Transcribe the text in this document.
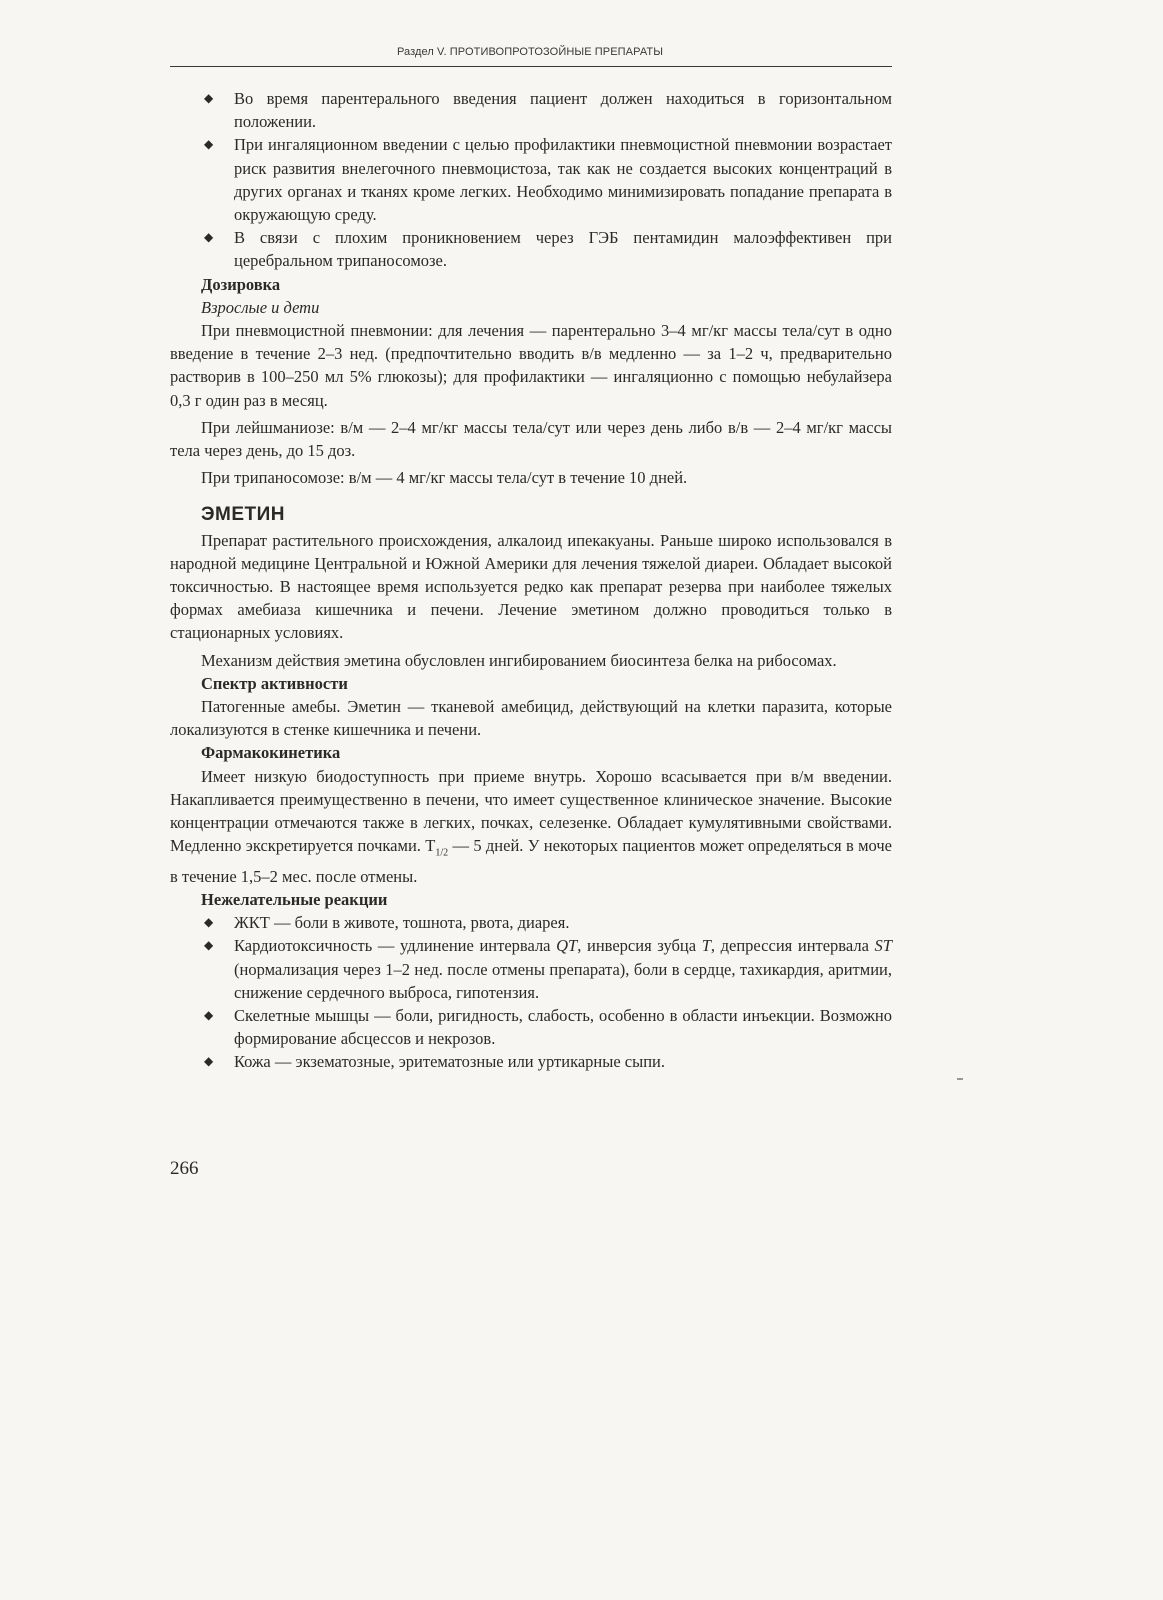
Раздел V. ПРОТИВОПРОТОЗОЙНЫЕ ПРЕПАРАТЫ
◆ Во время парентерального введения пациент должен находиться в горизонтальном положении.
◆ При ингаляционном введении с целью профилактики пневмоцистной пневмонии возрастает риск развития внелегочного пневмоцистоза, так как не создается высоких концентраций в других органах и тканях кроме легких. Необходимо минимизировать попадание препарата в окружающую среду.
◆ В связи с плохим проникновением через ГЭБ пентамидин малоэффективен при церебральном трипаносомозе.

Дозировка

Взрослые и дети

При пневмоцистной пневмонии: для лечения — парентерально 3–4 мг/кг массы тела/сут в одно введение в течение 2–3 нед. (предпочтительно вводить в/в медленно — за 1–2 ч, предварительно растворив в 100–250 мл 5% глюкозы); для профилактики — ингаляционно с помощью небулайзера 0,3 г один раз в месяц.

При лейшманиозе: в/м — 2–4 мг/кг массы тела/сут или через день либо в/в — 2–4 мг/кг массы тела через день, до 15 доз.

При трипаносомозе: в/м — 4 мг/кг массы тела/сут в течение 10 дней.

ЭМЕТИН

Препарат растительного происхождения, алкалоид ипекакуаны. Раньше широко использовался в народной медицине Центральной и Южной Америки для лечения тяжелой диареи. Обладает высокой токсичностью. В настоящее время используется редко как препарат резерва при наиболее тяжелых формах амебиаза кишечника и печени. Лечение эметином должно проводиться только в стационарных условиях.

Механизм действия эметина обусловлен ингибированием биосинтеза белка на рибосомах.

Спектр активности

Патогенные амебы. Эметин — тканевой амебицид, действующий на клетки паразита, которые локализуются в стенке кишечника и печени.

Фармакокинетика

Имеет низкую биодоступность при приеме внутрь. Хорошо всасывается при в/м введении. Накапливается преимущественно в печени, что имеет существенное клиническое значение. Высокие концентрации отмечаются также в легких, почках, селезенке. Обладает кумулятивными свойствами. Медленно экскретируется почками. $T_{1/2}$ — 5 дней. У некоторых пациентов может определяться в моче в течение 1,5–2 мес. после отмены.

Нежелательные реакции

◆ ЖКТ — боли в животе, тошнота, рвота, диарея.
◆ Кардиотоксичность — удлинение интервала QT, инверсия зубца T, депрессия интервала ST (нормализация через 1–2 нед. после отмены препарата), боли в сердце, тахикардия, аритмии, снижение сердечного выброса, гипотензия.
◆ Скелетные мышцы — боли, ригидность, слабость, особенно в области инъекции. Возможно формирование абсцессов и некрозов.
◆ Кожа — экзематозные, эритематозные или уртикарные сыпи.
266
